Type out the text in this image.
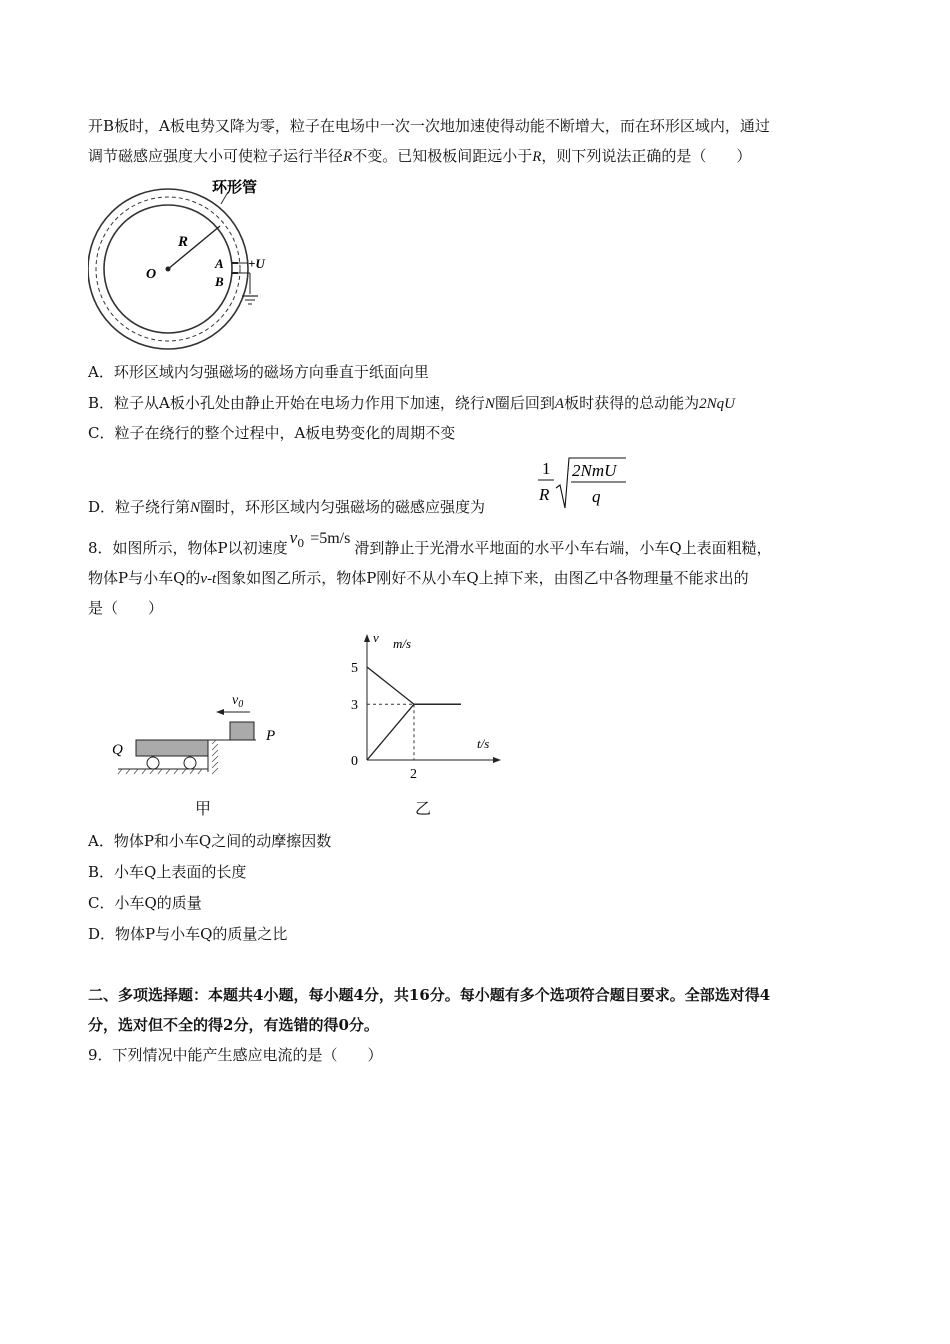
开B板时，A板电势又降为零，粒子在电场中一次一次地加速使得动能不断增大，而在环形区域内，通过
调节磁感应强度大小可使粒子运行半径R不变。已知极板间距远小于R，则下列说法正确的是（　　）
环形管
R
O
A
B
+U
A．环形区域内匀强磁场的磁场方向垂直于纸面向里
B．粒子从A板小孔处由静止开始在电场力作用下加速，绕行N圈后回到A板时获得的总动能为2NqU
C．粒子在绕行的整个过程中，A板电势变化的周期不变
D．粒子绕行第N圈时，环形区域内匀强磁场的磁感应强度为
1
R
2NmU
q
8．如图所示，物体P以初速度$v_0 =5m/s$滑到静止于光滑水平地面的水平小车右端，小车Q上表面粗糙，
物体P与小车Q的v-t图象如图乙所示，物体P刚好不从小车Q上掉下来，由图乙中各物理量不能求出的
是（　　）
$v_0$
P
Q
甲
v m/s
t/s
5
3
0
2
乙
A．物体P和小车Q之间的动摩擦因数
B．小车Q上表面的长度
C．小车Q的质量
D．物体P与小车Q的质量之比
二、多项选择题：本题共4小题，每小题4分，共16分。每小题有多个选项符合题目要求。全部选对得4
分，选对但不全的得2分，有选错的得0分。
9．下列情况中能产生感应电流的是（　　）
